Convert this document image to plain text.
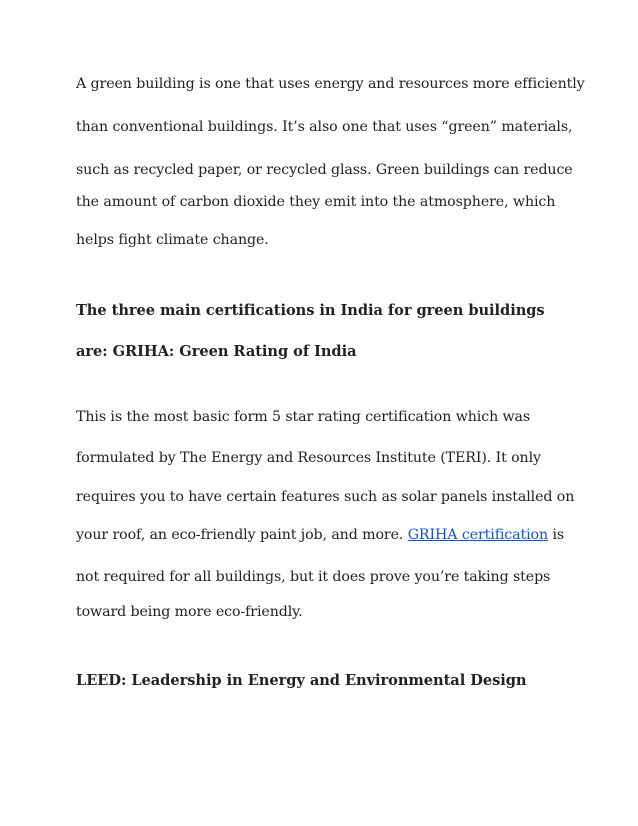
A green building is one that uses energy and resources more efficiently
than conventional buildings. It’s also one that uses “green” materials,
such as recycled paper, or recycled glass. Green buildings can reduce
the amount of carbon dioxide they emit into the atmosphere, which
helps fight climate change.
The three main certifications in India for green buildings
are: GRIHA: Green Rating of India
This is the most basic form 5 star rating certification which was
formulated by The Energy and Resources Institute (TERI). It only
requires you to have certain features such as solar panels installed on
your roof, an eco-friendly paint job, and more. GRIHA certification is
not required for all buildings, but it does prove you’re taking steps
toward being more eco-friendly.
LEED: Leadership in Energy and Environmental Design
